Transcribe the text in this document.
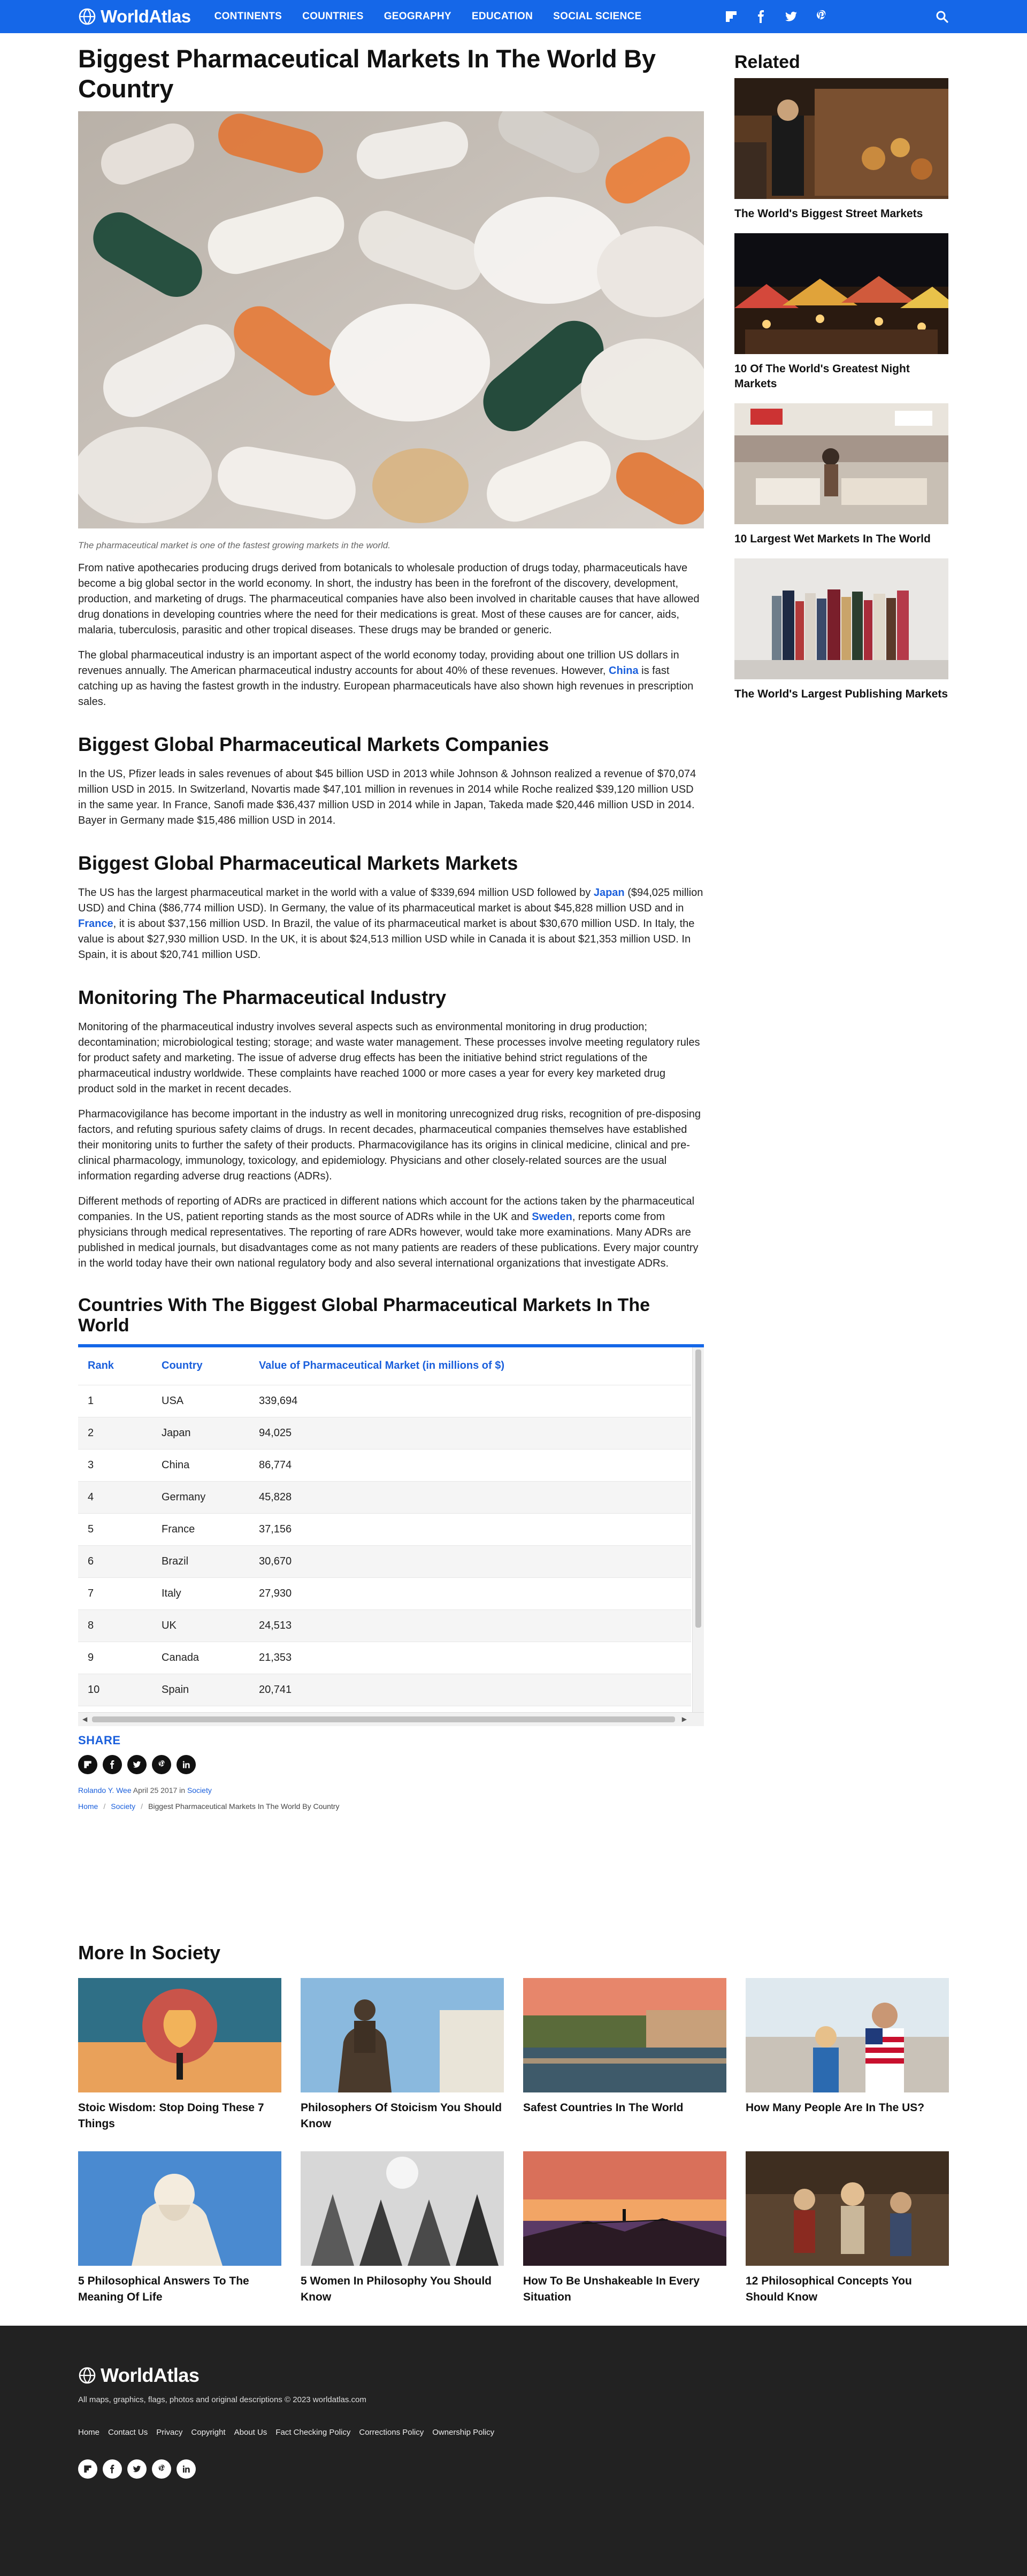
WorldAtlas CONTINENTS COUNTRIES GEOGRAPHY EDUCATION SOCIAL SCIENCE
Biggest Pharmaceutical Markets In The World By Country
The pharmaceutical market is one of the fastest growing markets in the world.

From native apothecaries producing drugs derived from botanicals to wholesale production of drugs today, pharmaceuticals have become a big global sector in the world economy. In short, the industry has been in the forefront of the discovery, development, production, and marketing of drugs. The pharmaceutical companies have also been involved in charitable causes that have allowed drug donations in developing countries where the need for their medications is great. Most of these causes are for cancer, aids, malaria, tuberculosis, parasitic and other tropical diseases. These drugs may be branded or generic.

The global pharmaceutical industry is an important aspect of the world economy today, providing about one trillion US dollars in revenues annually. The American pharmaceutical industry accounts for about 40% of these revenues. However, China is fast catching up as having the fastest growth in the industry. European pharmaceuticals have also shown high revenues in prescription sales.

Biggest Global Pharmaceutical Markets Companies

In the US, Pfizer leads in sales revenues of about $45 billion USD in 2013 while Johnson & Johnson realized a revenue of $70,074 million USD in 2015. In Switzerland, Novartis made $47,101 million in revenues in 2014 while Roche realized $39,120 million USD in the same year. In France, Sanofi made $36,437 million USD in 2014 while in Japan, Takeda made $20,446 million USD in 2014. Bayer in Germany made $15,486 million USD in 2014.

Biggest Global Pharmaceutical Markets Markets

The US has the largest pharmaceutical market in the world with a value of $339,694 million USD followed by Japan ($94,025 million USD) and China ($86,774 million USD). In Germany, the value of its pharmaceutical market is about $45,828 million USD and in France, it is about $37,156 million USD. In Brazil, the value of its pharmaceutical market is about $30,670 million USD. In Italy, the value is about $27,930 million USD. In the UK, it is about $24,513 million USD while in Canada it is about $21,353 million USD. In Spain, it is about $20,741 million USD.

Monitoring The Pharmaceutical Industry

Monitoring of the pharmaceutical industry involves several aspects such as environmental monitoring in drug production; decontamination; microbiological testing; storage; and waste water management. These processes involve meeting regulatory rules for product safety and marketing. The issue of adverse drug effects has been the initiative behind strict regulations of the pharmaceutical industry worldwide. These complaints have reached 1000 or more cases a year for every key marketed drug product sold in the market in recent decades.

Pharmacovigilance has become important in the industry as well in monitoring unrecognized drug risks, recognition of pre-disposing factors, and refuting spurious safety claims of drugs. In recent decades, pharmaceutical companies themselves have established their monitoring units to further the safety of their products. Pharmacovigilance has its origins in clinical medicine, clinical and pre-clinical pharmacology, immunology, toxicology, and epidemiology. Physicians and other closely-related sources are the usual information regarding adverse drug reactions (ADRs).

Different methods of reporting of ADRs are practiced in different nations which account for the actions taken by the pharmaceutical companies. In the US, patient reporting stands as the most source of ADRs while in the UK and Sweden, reports come from physicians through medical representatives. The reporting of rare ADRs however, would take more examinations. Many ADRs are published in medical journals, but disadvantages come as not many patients are readers of these publications. Every major country in the world today have their own national regulatory body and also several international organizations that investigate ADRs.

Countries With The Biggest Global Pharmaceutical Markets In The World
Rank	Country	Value of Pharmaceutical Market (in millions of $)
1	USA	339,694
2	Japan	94,025
3	China	86,774
4	Germany	45,828
5	France	37,156
6	Brazil	30,670
7	Italy	27,930
8	UK	24,513
9	Canada	21,353
10	Spain	20,741
◀	▶
SHARE
Rolando Y. Wee April 25 2017 in Society
Home / Society / Biggest Pharmaceutical Markets In The World By Country
Related
The World's Biggest Street Markets
10 Of The World's Greatest Night Markets
10 Largest Wet Markets In The World
The World's Largest Publishing Markets
More In Society
Stoic Wisdom: Stop Doing These 7 Things
Philosophers Of Stoicism You Should Know
Safest Countries In The World	How Many People Are In The US?
5 Philosophical Answers To The Meaning Of Life
5 Women In Philosophy You Should Know
How To Be Unshakeable In Every Situation
12 Philosophical Concepts You Should Know
WorldAtlas
All maps, graphics, flags, photos and original descriptions © 2023 worldatlas.com
Home Contact Us Privacy Copyright About Us Fact Checking Policy Corrections Policy Ownership Policy
